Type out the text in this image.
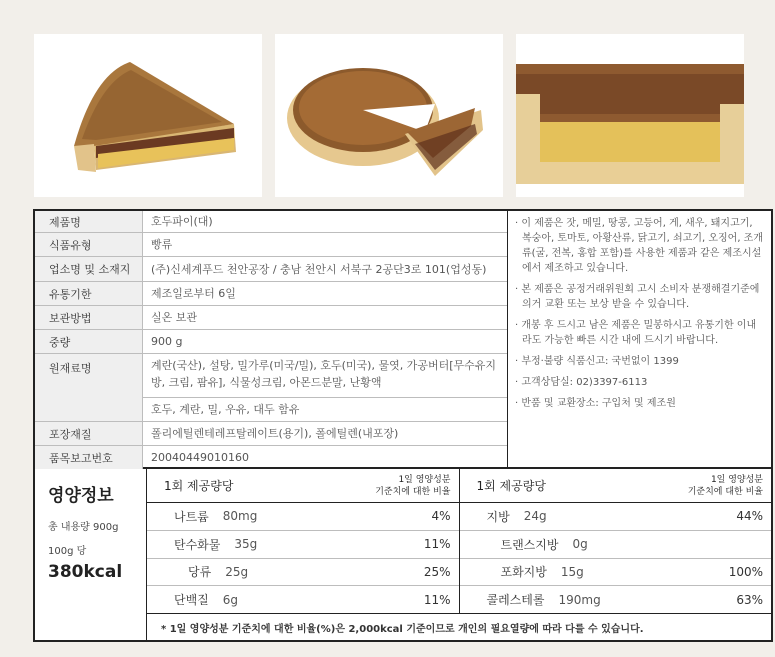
제품명	호두파이(대)
식품유형	빵류
업소명 및 소재지	(주)신세계푸드 천안공장 / 충남 천안시 서북구 2공단3로 101(업성동)
유통기한	제조일로부터 6일
보관방법	실온 보관
중량	900 g
원재료명	계란(국산), 설탕, 밀가루(미국/밀), 호두(미국), 물엿, 가공버터[무수유지방, 크림, 팜유], 식물성크림, 아몬드분말, 난황액
호두, 계란, 밀, 우유, 대두 함유
포장재질	폴리에틸렌테레프탈레이트(용기), 폴에틸렌(내포장)
품목보고번호	20040449010160

· 이 제품은 잣, 메밀, 땅콩, 고등어, 게, 새우, 돼지고기, 복숭아, 토마토, 아황산류, 닭고기, 쇠고기, 오징어, 조개류(굴, 전복, 홍합 포함)를 사용한 제품과 같은 제조시설에서 제조하고 있습니다.

· 본 제품은 공정거래위원회 고시 소비자 분쟁해결기준에 의거 교환 또는 보상 받을 수 있습니다.

· 개봉 후 드시고 남은 제품은 밀봉하시고 유통기한 이내라도 가능한 빠른 시간 내에 드시기 바랍니다.

· 부정·불량 식품신고: 국번없이 1399

· 고객상담실: 02)3397-6113

· 반품 및 교환장소: 구입처 및 제조원

영양정보
총 내용량 900g
100g 당
380kcal
1회 제공량당	1일 영양성분
기준치에 대한 비율
나트륨 80mg	4%
탄수화물 35g	11%
당류 25g	25%
단백질 6g	11%
1회 제공량당	1일 영양성분
기준치에 대한 비율
지방 24g	44%
트랜스지방 0g
포화지방 15g	100%
콜레스테롤 190mg	63%
* 1일 영양성분 기준치에 대한 비율(%)은 2,000kcal 기준이므로 개인의 필요열량에 따라 다를 수 있습니다.
